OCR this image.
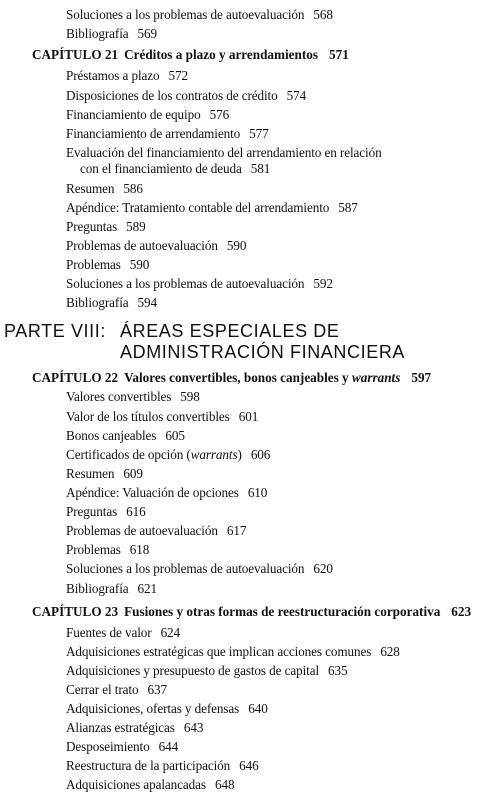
Soluciones a los problemas de autoevaluación 568
Bibliografía 569
CAPÍTULO 21 Créditos a plazo y arrendamientos 571
Préstamos a plazo 572
Disposiciones de los contratos de crédito 574
Financiamiento de equipo 576
Financiamiento de arrendamiento 577
Evaluación del financiamiento del arrendamiento en relación
con el financiamiento de deuda 581
Resumen 586
Apéndice: Tratamiento contable del arrendamiento 587
Preguntas 589
Problemas de autoevaluación 590
Problemas 590
Soluciones a los problemas de autoevaluación 592
Bibliografía 594
PARTE VIII: ÁREAS ESPECIALES DE
ADMINISTRACIÓN FINANCIERA
CAPÍTULO 22 Valores convertibles, bonos canjeables y warrants 597
Valores convertibles 598
Valor de los títulos convertibles 601
Bonos canjeables 605
Certificados de opción (warrants) 606
Resumen 609
Apéndice: Valuación de opciones 610
Preguntas 616
Problemas de autoevaluación 617
Problemas 618
Soluciones a los problemas de autoevaluación 620
Bibliografía 621
CAPÍTULO 23 Fusiones y otras formas de reestructuración corporativa 623
Fuentes de valor 624
Adquisiciones estratégicas que implican acciones comunes 628
Adquisiciones y presupuesto de gastos de capital 635
Cerrar el trato 637
Adquisiciones, ofertas y defensas 640
Alianzas estratégicas 643
Desposeimiento 644
Reestructura de la participación 646
Adquisiciones apalancadas 648
